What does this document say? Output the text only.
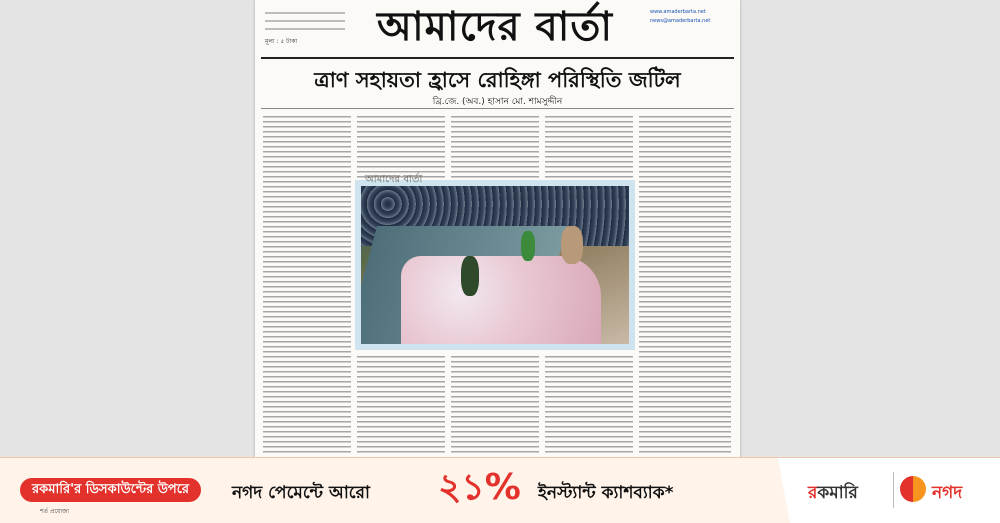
মূল্য : ৫ টাকা	আমাদের বার্তা	www.amaderbarta.net
news@amaderbarta.net
ত্রাণ সহায়তা হ্রাসে রোহিঙ্গা পরিস্থিতি জটিল
ব্রি.জে. (অব.) হাসান মো. শামসুদ্দীন
আমাদের বার্তা
রকমারি'র ডিসকাউন্টের উপরে
শর্ত প্রযোজ্য
নগদ পেমেন্টে আরো ২১% ইনস্ট্যান্ট ক্যাশব্যাক*	রকমারি	নগদ
